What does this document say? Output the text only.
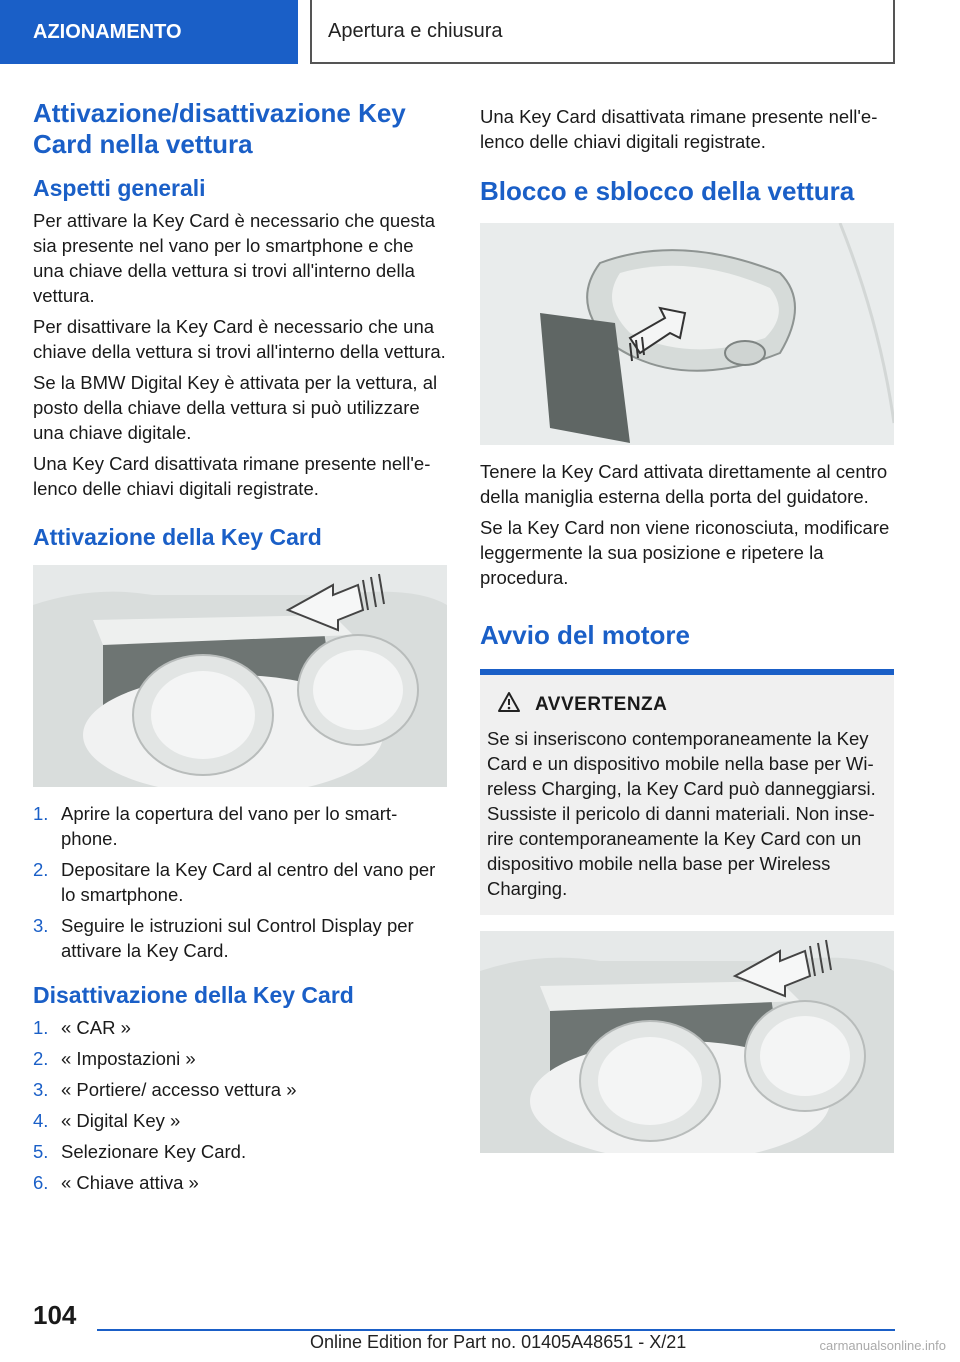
AZIONAMENTO	Apertura e chiusura
Attivazione/disattivazione Key Card nella vettura
Aspetti generali

Per attivare la Key Card è necessario che questa sia presente nel vano per lo smartphone e che una chiave della vettura si trovi all'interno della vettura.

Per disattivare la Key Card è necessario che una chiave della vettura si trovi all'interno della vettura.

Se la BMW Digital Key è attivata per la vettura, al posto della chiave della vettura si può utilizzare una chiave digitale.

Una Key Card disattivata rimane presente nell'elenco delle chiavi digitali registrate.

Attivazione della Key Card
1. Aprire la copertura del vano per lo smartphone.
2. Depositare la Key Card al centro del vano per lo smartphone.
3. Seguire le istruzioni sul Control Display per attivare la Key Card.
Disattivazione della Key Card
1. « CAR »
2. « Impostazioni »
3. « Portiere/ accesso vettura »
4. « Digital Key »
5. Selezionare Key Card.
6. « Chiave attiva »

Una Key Card disattivata rimane presente nell'elenco delle chiavi digitali registrate.

Blocco e sblocco della vettura

Tenere la Key Card attivata direttamente al centro della maniglia esterna della porta del guidatore.

Se la Key Card non viene riconosciuta, modificare leggermente la sua posizione e ripetere la procedura.

Avvio del motore
AVVERTENZA

Se si inseriscono contemporaneamente la Key Card e un dispositivo mobile nella base per Wireless Charging, la Key Card può danneggiarsi. Sussiste il pericolo di danni materiali. Non inserire contemporaneamente la Key Card con un dispositivo mobile nella base per Wireless Charging.

104
Online Edition for Part no. 01405A48651 - X/21	carmanualsonline.info
